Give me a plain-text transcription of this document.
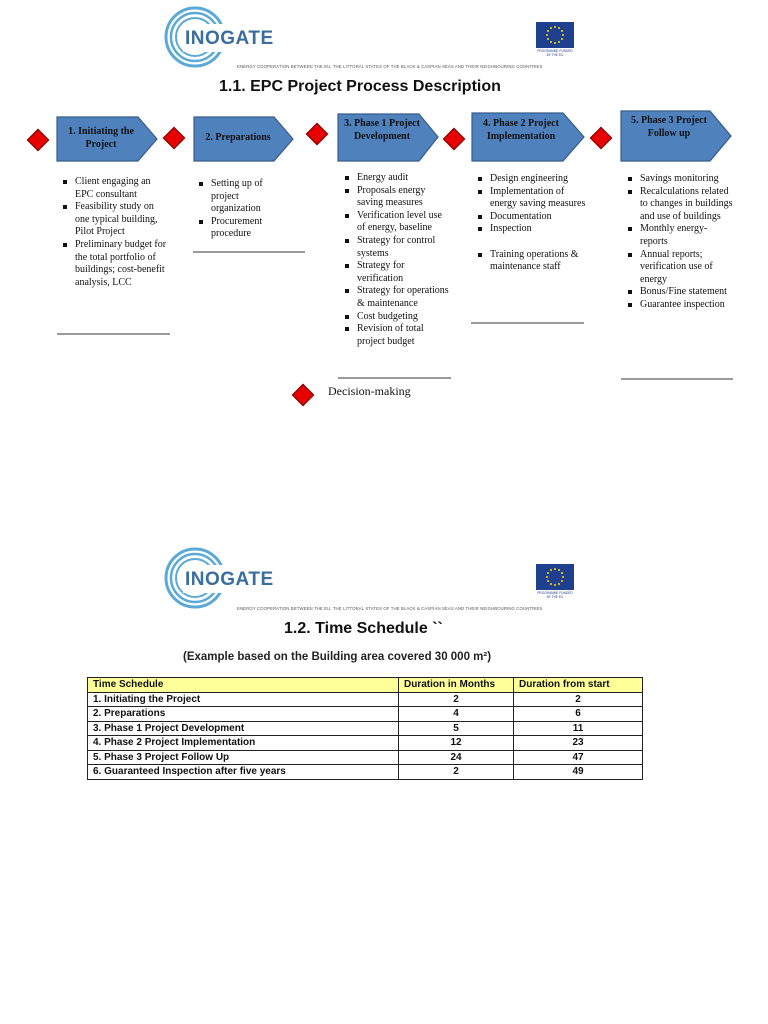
INOGATE
PROGRAMME FUNDED BY THE EU
ENERGY COOPERATION BETWEEN THE EU, THE LITTORAL STATES OF THE BLACK & CASPIAN SEAS AND THEIR NEIGHBOURING COUNTRIES
1.1. EPC Project Process Description
1. Initiating the Project
2. Preparations
3. Phase 1 Project Development
4. Phase 2 Project Implementation
5. Phase 3 Project Follow up
Client engaging an EPC consultant
Feasibility study on one typical building, Pilot Project
Preliminary budget for the total portfolio of buildings; cost-benefit analysis, LCC
Setting up of project organization
Procurement procedure
Energy audit
Proposals energy saving measures
Verification level use of energy, baseline
Strategy for control systems
Strategy for verification
Strategy for operations & maintenance
Cost budgeting
Revision of total project budget
Design engineering
Implementation of energy saving measures
Documentation
Inspection
Training operations & maintenance staff
Savings monitoring
Recalculations related to changes in buildings and use of buildings
Monthly energy-reports
Annual reports; verification use of energy
Bonus/Fine statement
Guarantee inspection
Decision-making
INOGATE
PROGRAMME FUNDED BY THE EU
ENERGY COOPERATION BETWEEN THE EU, THE LITTORAL STATES OF THE BLACK & CASPIAN SEAS AND THEIR NEIGHBOURING COUNTRIES
1.2. Time Schedule ``
(Example based on the Building area covered 30 000 m²)
Time Schedule	Duration in Months	Duration from start
1. Initiating the Project	2	2
2. Preparations	4	6
3. Phase 1 Project Development	5	11
4. Phase 2 Project Implementation	12	23
5. Phase 3 Project Follow Up	24	47
6. Guaranteed Inspection after five years	2	49
